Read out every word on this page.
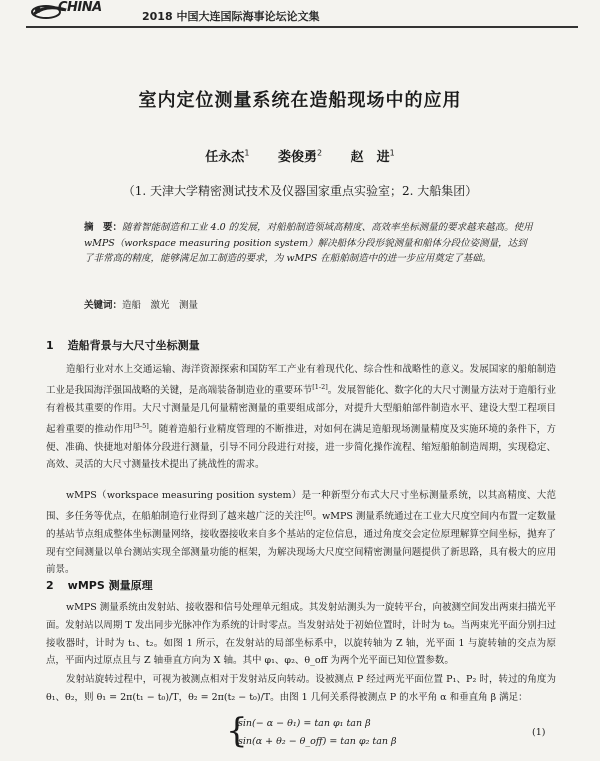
CHINA
2018 中国大连国际海事论坛论文集
室内定位测量系统在造船现场中的应用
任永杰$^1$ 娄俊勇$^2$ 赵　进$^1$
（1. 天津大学精密测试技术及仪器国家重点实验室；2. 大船集团）
摘　要：随着智能制造和工业 4.0 的发展，对船舶制造领域高精度、高效率坐标测量的要求越来越高。使用 wMPS（workspace measuring position system）解决船体分段形貌测量和船体分段位姿测量，达到了非常高的精度，能够满足加工制造的要求，为 wMPS 在船舶制造中的进一步应用奠定了基础。
关键词：造船　激光　测量
1 造船背景与大尺寸坐标测量
造船行业对水上交通运输、海洋资源探索和国防军工产业有着现代化、综合性和战略性的意义。发展国家的船舶制造工业是我国海洋强国战略的关键，是高端装备制造业的重要环节[1-2]。发展智能化、数字化的大尺寸测量方法对于造船行业有着极其重要的作用。大尺寸测量是几何量精密测量的重要组成部分，对提升大型船舶部件制造水平、建设大型工程项目起着重要的推动作用[3-5]。随着造船行业精度管理的不断推进，对如何在满足造船现场测量精度及实施环境的条件下，方便、准确、快捷地对船体分段进行测量，引导不同分段进行对接，进一步简化操作流程、缩短船舶制造周期，实现稳定、高效、灵活的大尺寸测量技术提出了挑战性的需求。
wMPS（workspace measuring position system）是一种新型分布式大尺寸坐标测量系统，以其高精度、大范围、多任务等优点，在船舶制造行业得到了越来越广泛的关注[6]。wMPS 测量系统通过在工业大尺度空间内布置一定数量的基站节点组成整体坐标测量网络，接收器接收来自多个基站的定位信息，通过角度交会定位原理解算空间坐标，抛弃了现有空间测量以单台测站实现全部测量功能的框架，为解决现场大尺度空间精密测量问题提供了新思路，具有极大的应用前景。
2 wMPS 测量原理
wMPS 测量系统由发射站、接收器和信号处理单元组成。其发射站测头为一旋转平台，向被测空间发出两束扫描光平面。发射站以周期 T 发出同步光脉冲作为系统的计时零点。当发射站处于初始位置时，计时为 t₀。当两束光平面分别扫过接收器时，计时为 t₁、t₂。如图 1 所示，在发射站的局部坐标系中，以旋转轴为 Z 轴，光平面 1 与旋转轴的交点为原点，平面内过原点且与 Z 轴垂直方向为 X 轴。其中 φ₁、φ₂、θ_off 为两个光平面已知位置参数。
发射站旋转过程中，可视为被测点相对于发射站反向转动。设被测点 P 经过两光平面位置 P₁、P₂ 时，转过的角度为 θ₁、θ₂，则 θ₁ = 2π(t₁ − t₀)/T，θ₂ = 2π(t₂ − t₀)/T。由图 1 几何关系得被测点 P 的水平角 α 和垂直角 β 满足：
{
sin(− α − θ₁) = tan φ₁ tan β
sin(α + θ₂ − θ_off) = tan φ₂ tan β
(1)
